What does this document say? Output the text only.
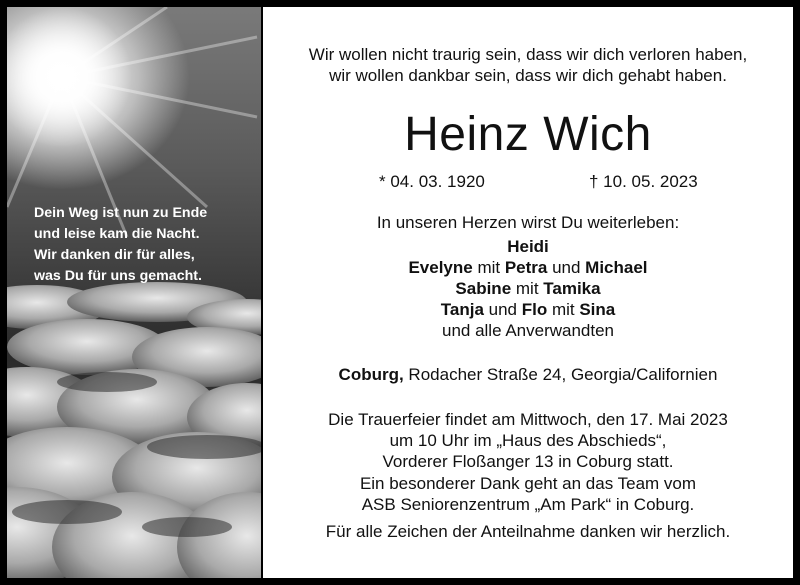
Dein Weg ist nun zu Ende
und leise kam die Nacht.
Wir danken dir für alles,
was Du für uns gemacht.
Wir wollen nicht traurig sein, dass wir dich verloren haben,
wir wollen dankbar sein, dass wir dich gehabt haben.
Heinz Wich
* 04. 03. 1920	† 10. 05. 2023
In unseren Herzen wirst Du weiterleben:
Heidi
Evelyne mit Petra und Michael
Sabine mit Tamika
Tanja und Flo mit Sina
und alle Anverwandten
Coburg, Rodacher Straße 24, Georgia/Californien
Die Trauerfeier findet am Mittwoch, den 17. Mai 2023
um 10 Uhr im „Haus des Abschieds“,
Vorderer Floßanger 13 in Coburg statt.
Ein besonderer Dank geht an das Team vom
ASB Seniorenzentrum „Am Park“ in Coburg.
Für alle Zeichen der Anteilnahme danken wir herzlich.
